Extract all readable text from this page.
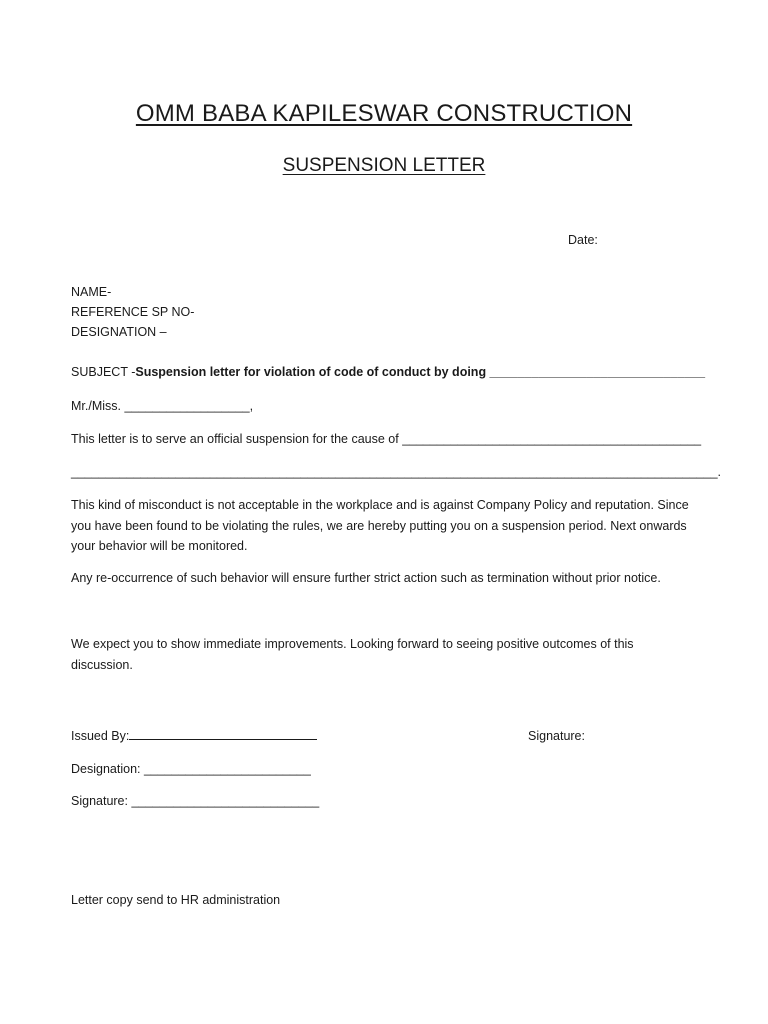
OMM BABA KAPILESWAR CONSTRUCTION
SUSPENSION LETTER
Date:
NAME-
REFERENCE SP NO-
DESIGNATION –
SUBJECT -Suspension letter for violation of code of conduct by doing _______________________________
Mr./Miss. __________________,
This letter is to serve an official suspension for the cause of ___________________________________________
_____________________________________________________________________________________________.
This kind of misconduct is not acceptable in the workplace and is against Company Policy and reputation. Since you have been found to be violating the rules, we are hereby putting you on a suspension period. Next onwards your behavior will be monitored.
Any re-occurrence of such behavior will ensure further strict action such as termination without prior notice.
We expect you to show immediate improvements. Looking forward to seeing positive outcomes of this discussion.
Issued By:	Signature:
Designation: ________________________
Signature: ___________________________
Letter copy send to HR administration
